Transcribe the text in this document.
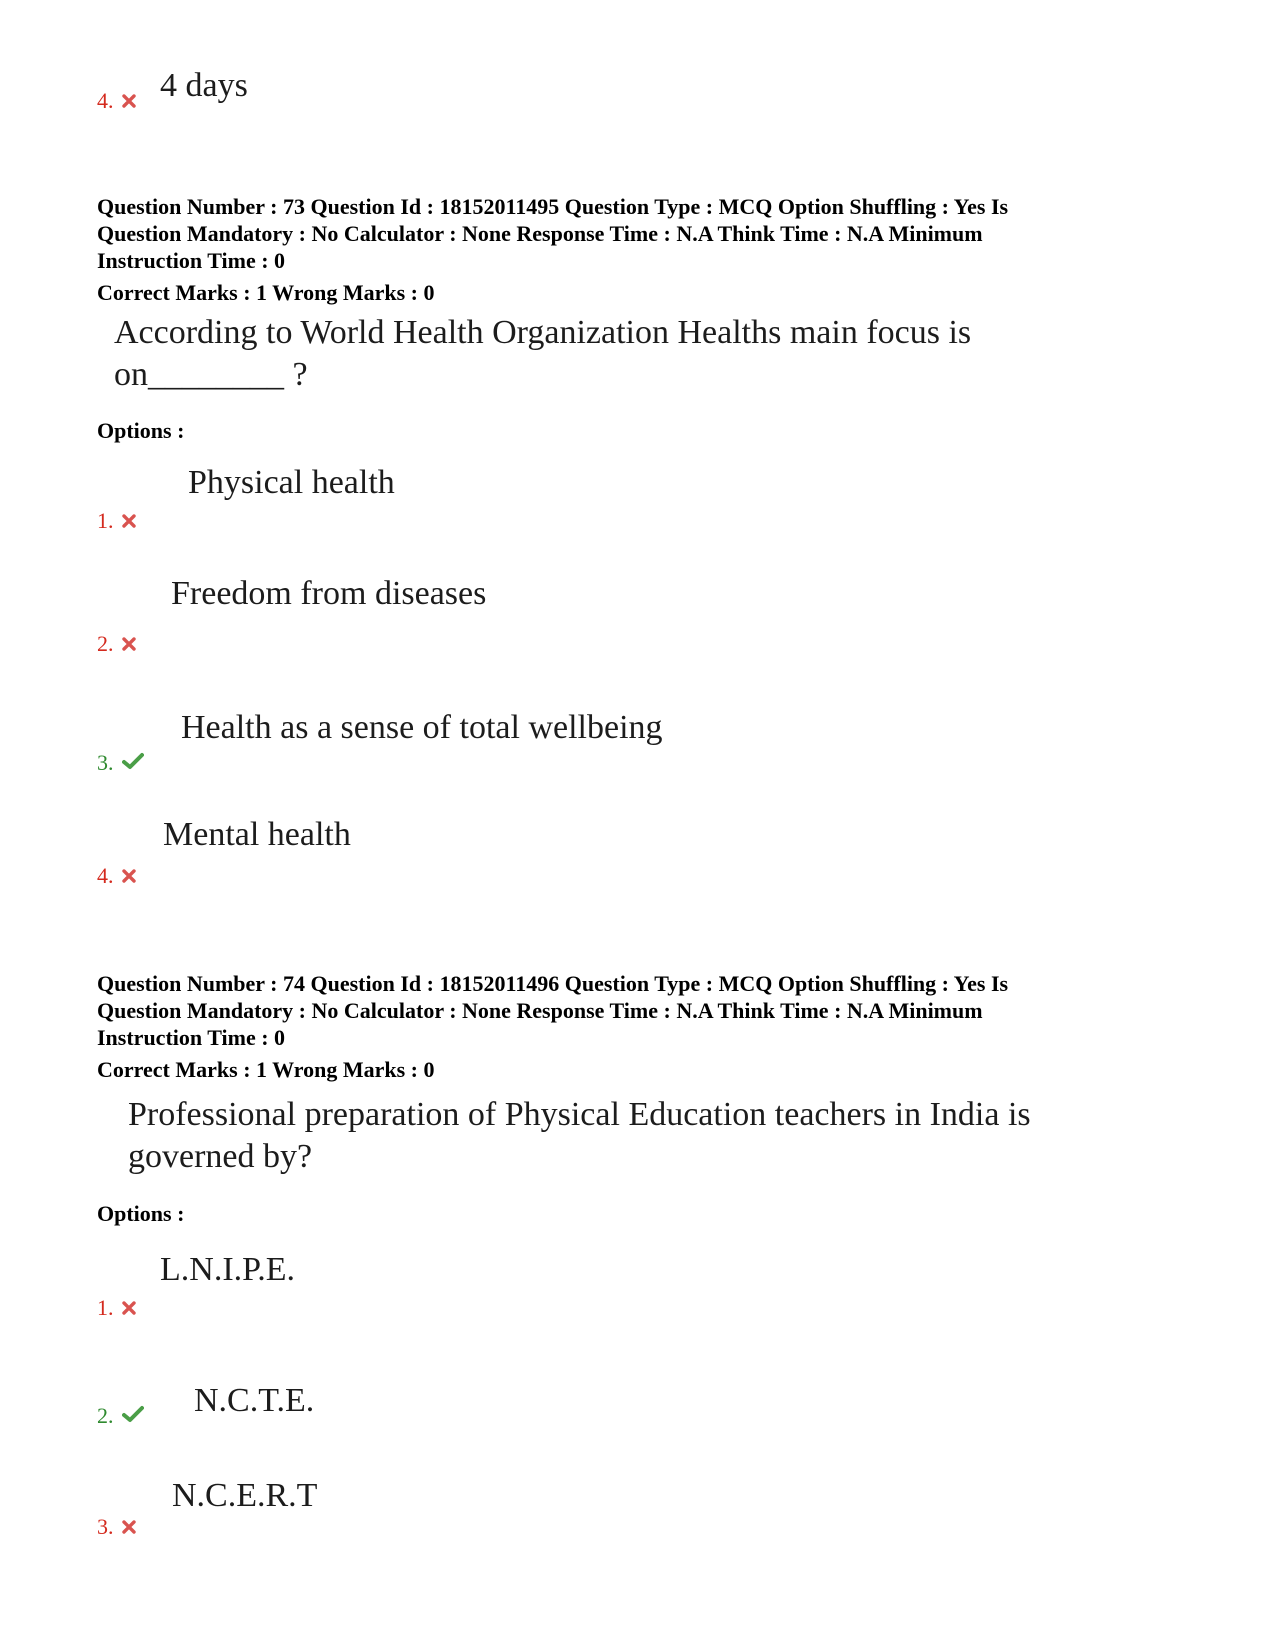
4 days
4.
Question Number : 73 Question Id : 18152011495 Question Type : MCQ Option Shuffling : Yes Is
Question Mandatory : No Calculator : None Response Time : N.A Think Time : N.A Minimum
Instruction Time : 0
Correct Marks : 1 Wrong Marks : 0
According to World Health Organization Healths main focus is
on________ ?
Options :
Physical health
1.
Freedom from diseases
2.
Health as a sense of total wellbeing
3.
Mental health
4.
Question Number : 74 Question Id : 18152011496 Question Type : MCQ Option Shuffling : Yes Is
Question Mandatory : No Calculator : None Response Time : N.A Think Time : N.A Minimum
Instruction Time : 0
Correct Marks : 1 Wrong Marks : 0
Professional preparation of Physical Education teachers in India is
governed by?
Options :
L.N.I.P.E.
1.
N.C.T.E.
2.
N.C.E.R.T
3.
